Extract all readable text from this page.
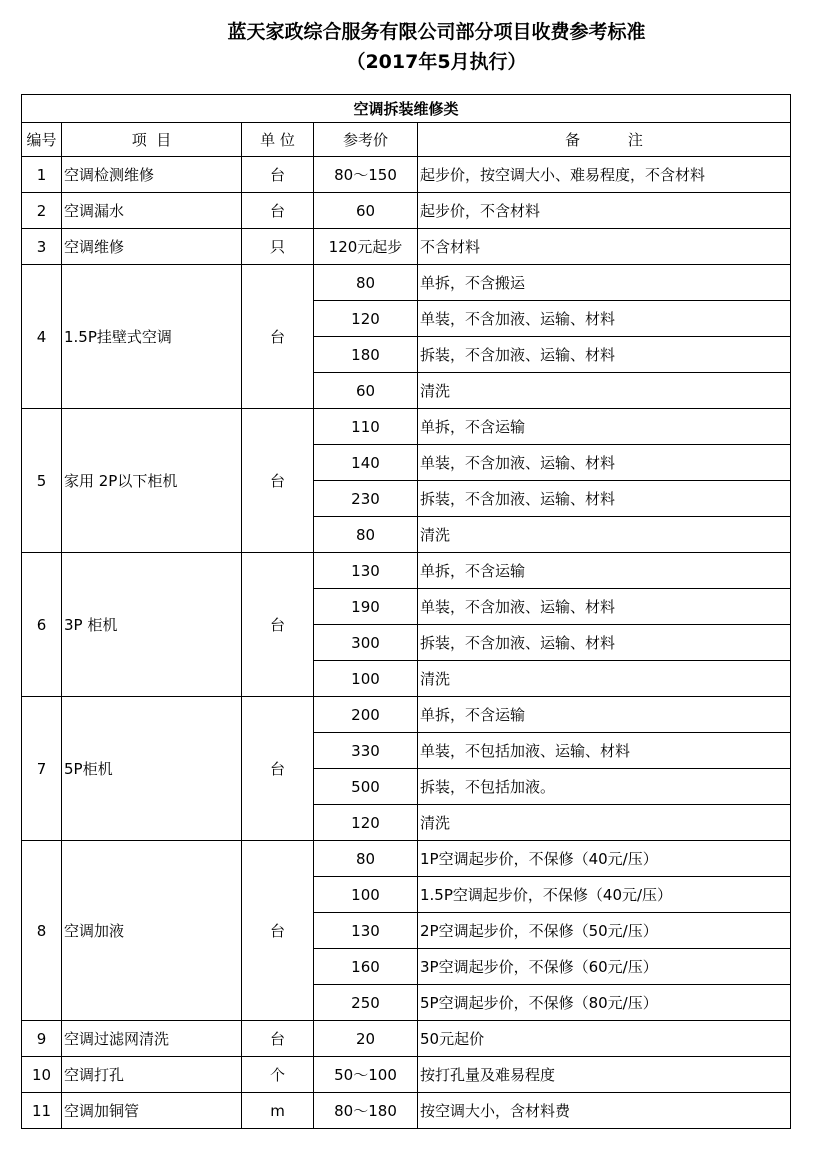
蓝天家政综合服务有限公司部分项目收费参考标准
（2017年5月执行）
空调拆装维修类				
编号	项  目	单 位	参考价	备          注
1	空调检测维修	台	80～150	起步价，按空调大小、难易程度，不含材料
2	空调漏水	台	60	起步价，不含材料
3	空调维修	只	120元起步	不含材料
4	1.5P挂壁式空调	台	80	单拆，不含搬运
			120	单装，不含加液、运输、材料
			180	拆装，不含加液、运输、材料
			60	清洗
5	家用 2P以下柜机	台	110	单拆，不含运输
			140	单装，不含加液、运输、材料
			230	拆装，不含加液、运输、材料
			80	清洗
6	3P 柜机	台	130	单拆，不含运输
			190	单装，不含加液、运输、材料
			300	拆装，不含加液、运输、材料
			100	清洗
7	5P柜机	台	200	单拆，不含运输
			330	单装，不包括加液、运输、材料
			500	拆装，不包括加液。
			120	清洗
8	空调加液	台	80	1P空调起步价，不保修（40元/压）
			100	1.5P空调起步价，不保修（40元/压）
			130	2P空调起步价，不保修（50元/压）
			160	3P空调起步价，不保修（60元/压）
			250	5P空调起步价，不保修（80元/压）
9	空调过滤网清洗	台	20	50元起价
10	空调打孔	个	50～100	按打孔量及难易程度
11	空调加铜管	m	80～180	按空调大小，含材料费
